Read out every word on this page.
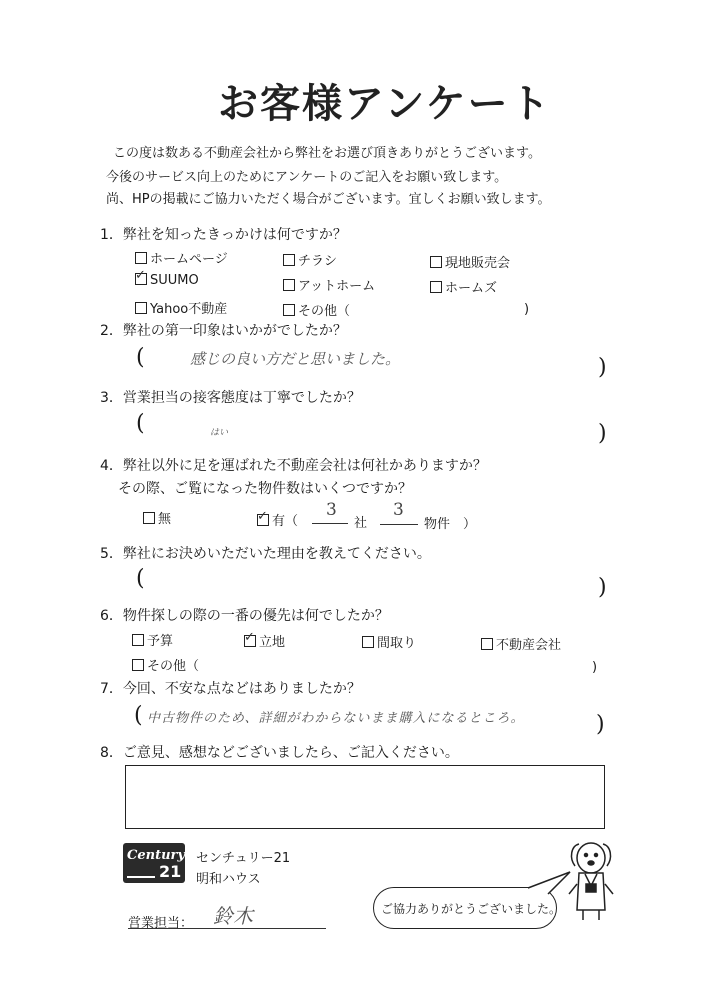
お客様アンケート
この度は数ある不動産会社から弊社をお選び頂きありがとうございます。
今後のサービス向上のためにアンケートのご記入をお願い致します。
尚、HPの掲載にご協力いただく場合がございます。宜しくお願い致します。
1．弊社を知ったきっかけは何ですか？
ホームページ	チラシ	現地販売会
✓SUUMO	アットホーム	ホームズ
Yahoo不動産	その他（	)
2．弊社の第一印象はいかがでしたか？
(	感じの良い方だと思いました。	)
3．営業担当の接客態度は丁寧でしたか？
(	はい	)
4．弊社以外に足を運ばれた不動産会社は何社かありますか？
その際、ご覧になった物件数はいくつですか？
無 ✓	有（
3
社
3
物件　）
5．弊社にお決めいただいた理由を教えてください。
(	)
6．物件探しの際の一番の優先は何でしたか？
予算 ✓	立地	間取り	不動産会社
その他（	)
7．今回、不安な点などはありましたか？
( 中古物件のため、詳細がわからないまま購入になるところ。	)
8．ご意見、感想などございましたら、ご記入ください。
Century
21
センチュリー21
明和ハウス
営業担当： 鈴木	ご協力ありがとうございました。
